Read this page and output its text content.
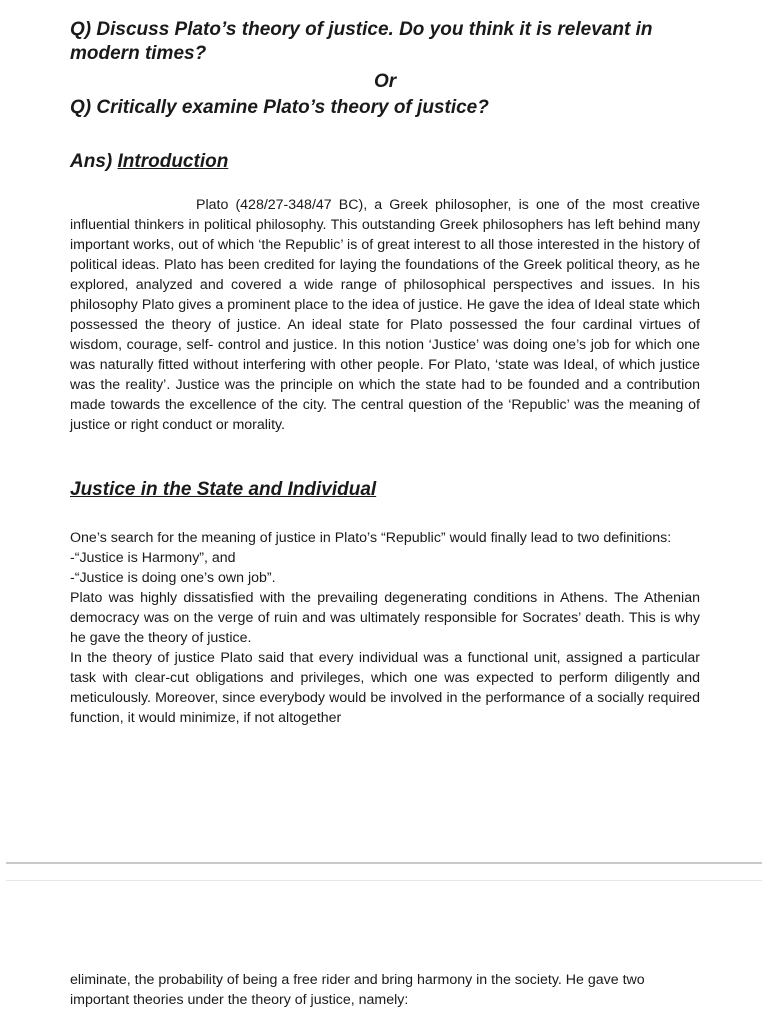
Q) Discuss Plato’s theory of justice. Do you think it is relevant in modern times?

Or

Q) Critically examine Plato’s theory of justice?

Ans) Introduction

Plato (428/27-348/47 BC), a Greek philosopher, is one of the most creative influential thinkers in political philosophy. This outstanding Greek philosophers has left behind many important works, out of which ‘the Republic’ is of great interest to all those interested in the history of political ideas. Plato has been credited for laying the foundations of the Greek political theory, as he explored, analyzed and covered a wide range of philosophical perspectives and issues. In his philosophy Plato gives a prominent place to the idea of justice. He gave the idea of Ideal state which possessed the theory of justice. An ideal state for Plato possessed the four cardinal virtues of wisdom, courage, self- control and justice. In this notion ‘Justice’ was doing one’s job for which one was naturally fitted without interfering with other people. For Plato, ‘state was Ideal, of which justice was the reality’. Justice was the principle on which the state had to be founded and a contribution made towards the excellence of the city. The central question of the ‘Republic’ was the meaning of justice or right conduct or morality.

Justice in the State and Individual

One’s search for the meaning of justice in Plato’s “Republic” would finally lead to two definitions:
-“Justice is Harmony”, and
-“Justice is doing one’s own job”.
Plato was highly dissatisfied with the prevailing degenerating conditions in Athens. The Athenian democracy was on the verge of ruin and was ultimately responsible for Socrates’ death. This is why he gave the theory of justice.
In the theory of justice Plato said that every individual was a functional unit, assigned a particular task with clear-cut obligations and privileges, which one was expected to perform diligently and meticulously. Moreover, since everybody would be involved in the performance of a socially required function, it would minimize, if not altogether

eliminate, the probability of being a free rider and bring harmony in the society. He gave two important theories under the theory of justice, namely:
